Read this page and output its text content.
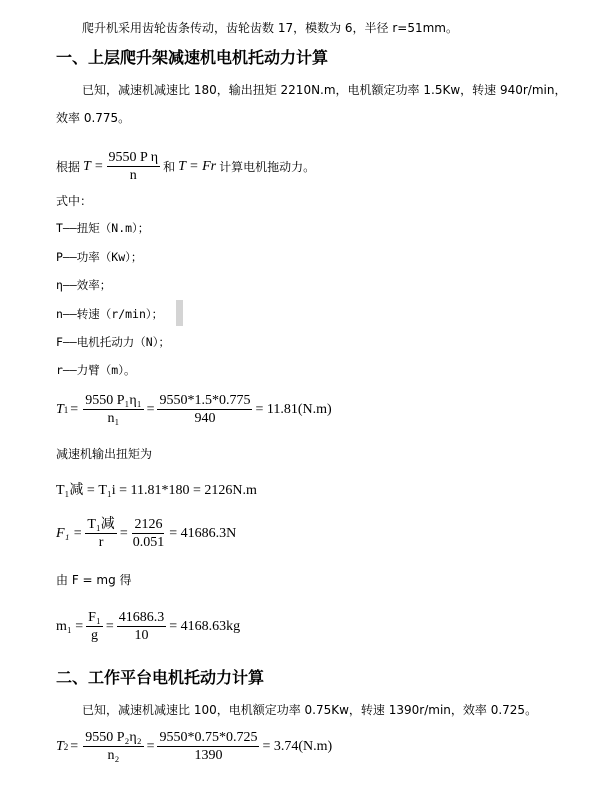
爬升机采用齿轮齿条传动，齿轮齿数 17，模数为 6，半径 r=51mm。
一、上层爬升架减速机电机托动力计算
已知，减速机减速比 180，输出扭矩 2210N.m，电机额定功率 1.5Kw，转速 940r/min，
效率 0.775。
根据 $T = \frac{\text{9550 P η}}{n}$ 和 T = Fr 计算电机拖动力。
式中：
T——扭矩（N.m）；
P——功率（Kw）；
η——效率；
n——转速（r/min）；
F——电机托动力（N）；
r——力臂（m）。
T $1 = \frac{\text{9550 P₁η₁}}{\text{n₁}} = \frac{9550*1.5*0.775}{940} = 11.81(N.m)$
减速机输出扭矩为
T₁减 = T₁i = 11.81*180 = 2126N.m
$F_1 = \frac{\text{T₁减}}{r} = \frac{2126}{0.051} = 41686.3N$
由 F = mg 得
$m_1 = \frac{\text{F₁}}{g} = \frac{41686.3}{10} = 4168.63kg$
二、工作平台电机托动力计算
已知，减速机减速比 100，电机额定功率 0.75Kw，转速 1390r/min，效率 0.725。
T $2 = \frac{\text{9550 P₂η₂}}{\text{n₂}} = \frac{9550*0.75*0.725}{1390} = 3.74(N.m)$
